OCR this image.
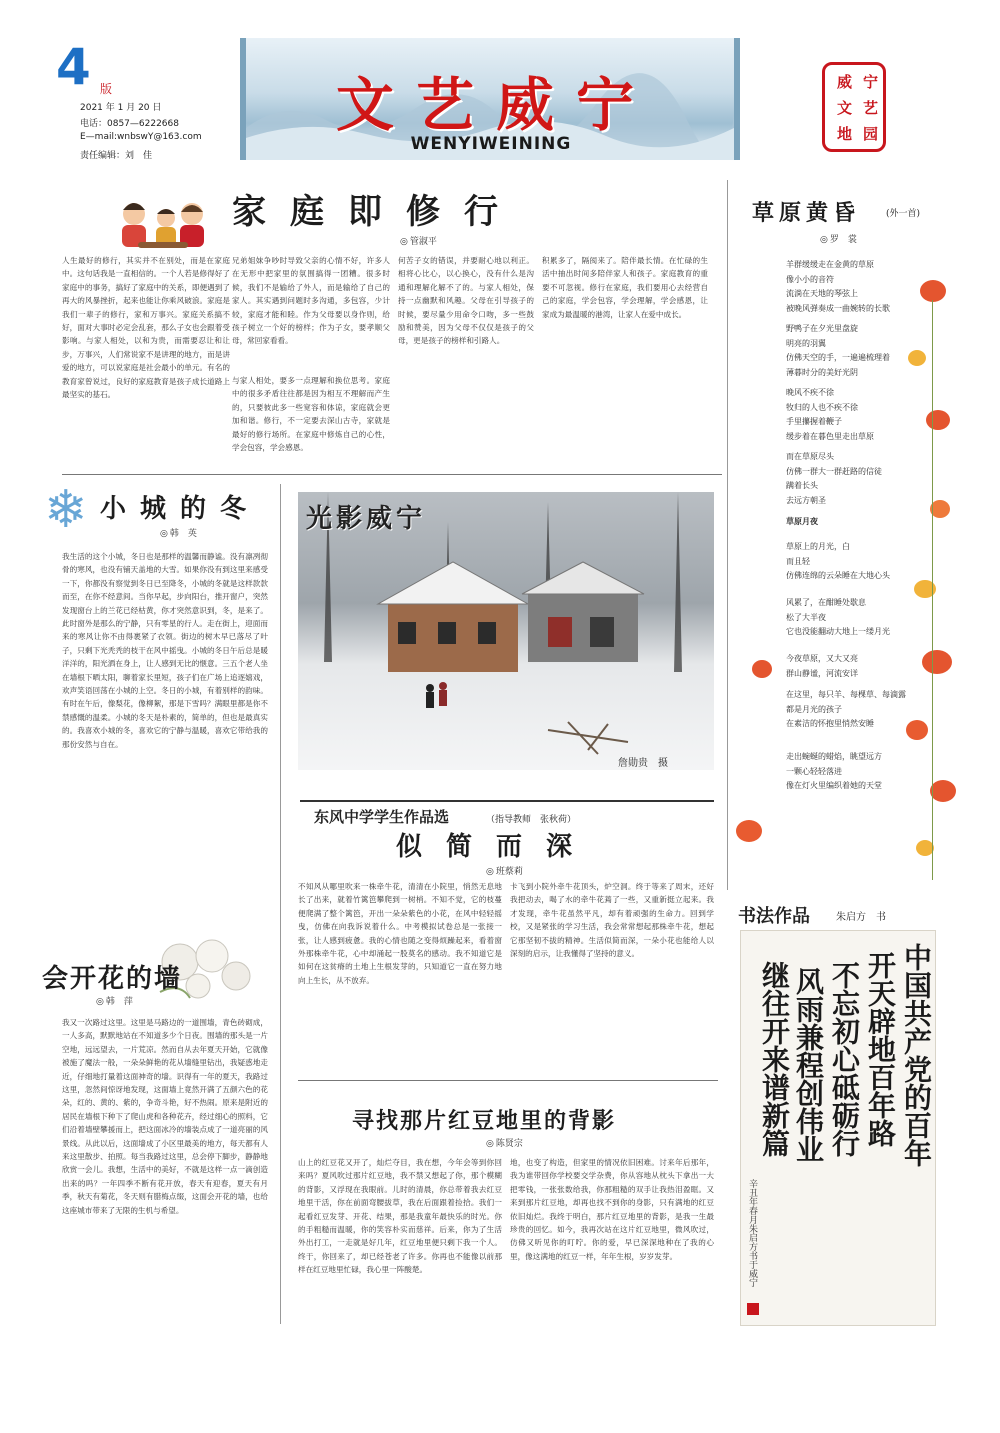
4 版
2021 年 1 月 20 日
电话：0857—6222668
E—mail:wnbswY@163.com
责任编辑：刘　佳
文艺威宁
WENYIWEINING
宁
威
艺
文
园
地
家庭即修行
◎ 管淑平
人生最好的修行，其实并不在别处，而是在家庭中。这句话我是一直相信的。一个人若是修得好了家庭中的事务，搞好了家庭中的关系，即便遇到了再大的风暴挫折，起来也能让你乘风破浪。家庭是我们一辈子的修行，家和万事兴。家庭关系搞不好，面对大事时必定会乱套，那么子女也会跟着受影响。与家人相处，以和为贵，而需要忍让和让步，万事兴，人们常说家不是讲理的地方，而是讲爱的地方，可以说家庭是社会最小的单元。有名的教育家曾说过，良好的家庭教育是孩子成长道路上最坚实的基石。
兄弟姐妹争吵时导致父亲的心情不好，许多人在无形中把家里的氛围搞得一团糟。很多时候，我们不是输给了外人，而是输给了自己的家人。其实遇到问题时多沟通，多包容，少计较，家庭才能和睦。作为父母要以身作则，给孩子树立一个好的榜样；作为子女，要孝顺父母，常回家看看。
与家人相处，要多一点理解和换位思考。家庭中的很多矛盾往往都是因为相互不理解而产生的，只要彼此多一些宽容和体谅，家庭就会更加和谐。修行，不一定要去深山古寺，家就是最好的修行场所。在家庭中修炼自己的心性，学会包容，学会感恩。
何苦子女的错误，并要耐心地以利正。相将心比心，以心换心，没有什么是沟通和理解化解不了的。与家人相处，保持一点幽默和风趣。父母在引导孩子的时候，要尽量少用命令口吻，多一些鼓励和赞美，因为父母不仅仅是孩子的父母，更是孩子的榜样和引路人。
积累多了，隔阂来了。陪伴最长情。在忙碌的生活中抽出时间多陪伴家人和孩子。家庭教育的重要不可忽视。修行在家庭，我们要用心去经营自己的家庭，学会包容，学会理解，学会感恩，让家成为最温暖的港湾，让家人在爱中成长。
草原黄昏	(外一首)
◎ 罗　裳
羊群缓缓走在金黄的草原
像小小的音符
流淌在天地的琴弦上
被晚风弹奏成一曲婉转的长歌
野鸭子在夕光里盘旋
明亮的羽翼
仿佛天空的手，一遍遍梳理着
薄暮时分的美好光阴
晚风不疾不徐
牧归的人也不疾不徐
手里攥握着鞭子
缓步着在暮色里走出草原
而在草原尽头
仿佛一群大一群赶路的信徒
蹒着长头
去远方朝圣
草原月夜
草原上的月光，白
而且轻
仿佛连绵的云朵睡在大地心头
风累了，在酣睡处歇息
松了大半夜
它也没能翻动大地上一缕月光
今夜草原，又大又亮
群山静谧，河流安详
在这里，每只羊、每棵草、每滴露
都是月光的孩子
在素洁的怀抱里悄然安睡
走出蜿蜒的蜡焰，眺望远方
一颗心轻轻落进
像在灯火里编织着她的天堂
❄ 小城的冬
◎ 韩　英
我生活的这个小城，冬日也是那样的温馨而静谧。没有凛冽彻骨的寒风，也没有铺天盖地的大雪。如果你没有到这里来感受一下，你都没有察觉到冬日已至降冬，小城的冬就是这样款款而至，在你不经意间。当你早起，步向阳台，推开窗户，突然发现窗台上的兰花已经枯黄，你才突然意识到，冬，是来了。此时窗外是那么的宁静，只有零星的行人。走在街上，迎面而来的寒风让你不由得裹紧了衣领。街边的树木早已落尽了叶子，只剩下光秃秃的枝干在风中摇曳。小城的冬日午后总是暖洋洋的，阳光洒在身上，让人感到无比的惬意。三五个老人坐在墙根下晒太阳，聊着家长里短，孩子们在广场上追逐嬉戏，欢声笑语回荡在小城的上空。冬日的小城，有着别样的韵味。有时在午后，像梨花，像柳絮，那是下雪吗？满眼里都是你不禁感慨的温柔。小城的冬天是朴素的，简单的，但也是最真实的。我喜欢小城的冬，喜欢它的宁静与温暖，喜欢它带给我的那份安然与自在。
光影威宁
詹勋贵　摄
东风中学学生作品选	（指导教师　张秋荷）
似简而深
◎ 班蔡莉
不知风从哪里吹来一株牵牛花，清清在小院里，悄然无息地长了出来，就着竹篱笆攀爬到一树梢。不知不觉，它的枝蔓便爬满了整个篱笆，开出一朵朵紫色的小花，在风中轻轻摇曳，仿佛在向我诉说着什么。中考模拟试卷总是一张接一张，让人感到疲惫。我的心情也随之变得烦躁起来，看着窗外那株牵牛花，心中却涌起一股莫名的感动。我不知道它是如何在这贫瘠的土地上生根发芽的，只知道它一直在努力地向上生长，从不放弃。
卡飞到小院外牵牛花顶头，炉空洞。终于等来了周末，还好我把动去，喝了水的牵牛花蔫了一些，又重新挺立起来。我才发现，牵牛花虽然平凡，却有着顽强的生命力。回到学校，又是紧张的学习生活，我会常常想起那株牵牛花，想起它那坚韧不拔的精神。生活似简而深，一朵小花也能给人以深刻的启示，让我懂得了坚持的意义。
会开花的墙
◎ 韩　萍
我又一次路过这里。这里是马路边的一道围墙，青色砖砌成，一人多高，默默地站在不知道多少个日夜。围墙的那头是一片空地，远远望去，一片荒凉。然而自从去年夏天开始，它就像被施了魔法一般，一朵朵鲜艳的花从墙缝里钻出，我疑惑地走近，仔细地打量着这面神奇的墙。识得有一年的夏天，我路过这里，忽然间惊讶地发现，这面墙上竟然开满了五颜六色的花朵，红的、黄的、紫的，争奇斗艳，好不热闹。原来是附近的居民在墙根下种下了爬山虎和各种花卉，经过细心的照料，它们沿着墙壁攀援而上，把这面冰冷的墙装点成了一道亮丽的风景线。从此以后，这面墙成了小区里最美的地方，每天都有人来这里散步、拍照。每当我路过这里，总会停下脚步，静静地欣赏一会儿。我想，生活中的美好，不就是这样一点一滴创造出来的吗？一年四季不断有花开放，春天有迎春，夏天有月季，秋天有菊花，冬天则有腊梅点缀，这面会开花的墙，也给这座城市带来了无限的生机与希望。
寻找那片红豆地里的背影
◎ 陈贤宗
山上的红豆花又开了，灿烂夺目，我在想，今年会等到你回来吗？夏风吹过那片红豆地，我不禁又想起了你，那个模糊的背影，又浮现在我眼前。儿时的清晨，你总带着我去红豆地里干活，你在前面弯腰拔草，我在后面跟着捡拾。我们一起看红豆发芽、开花、结果，那是我童年最快乐的时光。你的手粗糙而温暖，你的笑容朴实而慈祥。后来，你为了生活外出打工，一走就是好几年，红豆地里便只剩下我一个人。终于，你回来了，却已经苍老了许多。你再也不能像以前那样在红豆地里忙碌，我心里一阵酸楚。
地，也变了构造，但家里的情况依旧困难。讨来年后那年，我为谁带回你学校要交学杂费，你从容地从枕头下拿出一大把零钱，一张张数给我，你那粗糙的双手让我热泪盈眶。又来到那片红豆地，却再也找不到你的身影，只有满地的红豆依旧灿烂。我终于明白，那片红豆地里的背影，是我一生最珍贵的回忆。如今，我再次站在这片红豆地里，微风吹过，仿佛又听见你的叮咛。你的爱，早已深深地种在了我的心里，像这满地的红豆一样，年年生根，岁岁发芽。
书法作品	朱启方　书
中国共产党的百年
开天辟地百年路
不忘初心砥砺行
风雨兼程创伟业
继往开来谱新篇
辛丑年春月朱启方书于威宁
